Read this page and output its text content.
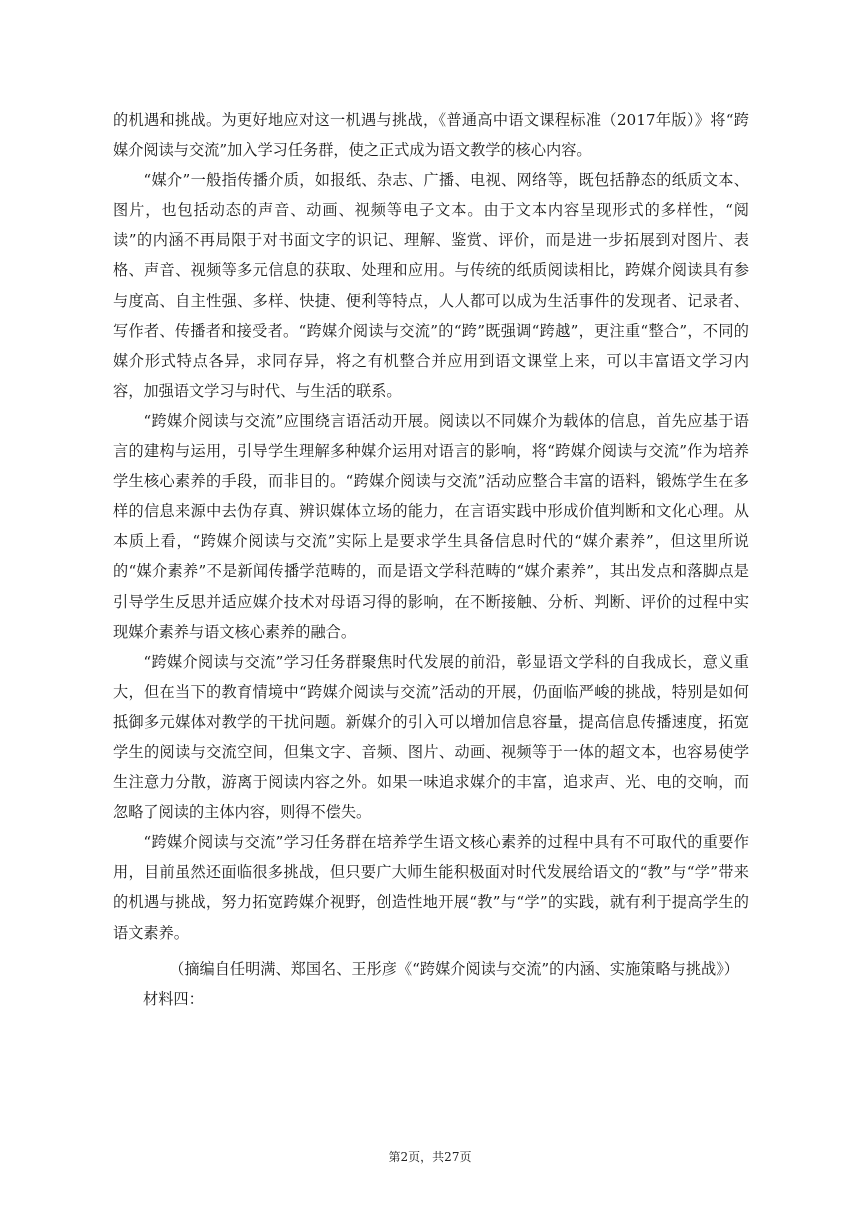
的机遇和挑战。为更好地应对这一机遇与挑战，《普通高中语文课程标准（2017年版）》将“跨媒介阅读与交流”加入学习任务群，使之正式成为语文教学的核心内容。

“媒介”一般指传播介质，如报纸、杂志、广播、电视、网络等，既包括静态的纸质文本、图片，也包括动态的声音、动画、视频等电子文本。由于文本内容呈现形式的多样性，“阅读”的内涵不再局限于对书面文字的识记、理解、鉴赏、评价，而是进一步拓展到对图片、表格、声音、视频等多元信息的获取、处理和应用。与传统的纸质阅读相比，跨媒介阅读具有参与度高、自主性强、多样、快捷、便利等特点，人人都可以成为生活事件的发现者、记录者、写作者、传播者和接受者。“跨媒介阅读与交流”的“跨”既强调“跨越”，更注重“整合”，不同的媒介形式特点各异，求同存异，将之有机整合并应用到语文课堂上来，可以丰富语文学习内容，加强语文学习与时代、与生活的联系。

“跨媒介阅读与交流”应围绕言语活动开展。阅读以不同媒介为载体的信息，首先应基于语言的建构与运用，引导学生理解多种媒介运用对语言的影响，将“跨媒介阅读与交流”作为培养学生核心素养的手段，而非目的。“跨媒介阅读与交流”活动应整合丰富的语料，锻炼学生在多样的信息来源中去伪存真、辨识媒体立场的能力，在言语实践中形成价值判断和文化心理。从本质上看，“跨媒介阅读与交流”实际上是要求学生具备信息时代的“媒介素养”，但这里所说的“媒介素养”不是新闻传播学范畴的，而是语文学科范畴的“媒介素养”，其出发点和落脚点是引导学生反思并适应媒介技术对母语习得的影响，在不断接触、分析、判断、评价的过程中实现媒介素养与语文核心素养的融合。

“跨媒介阅读与交流”学习任务群聚焦时代发展的前沿，彰显语文学科的自我成长，意义重大，但在当下的教育情境中“跨媒介阅读与交流”活动的开展，仍面临严峻的挑战，特别是如何抵御多元媒体对教学的干扰问题。新媒介的引入可以增加信息容量，提高信息传播速度，拓宽学生的阅读与交流空间，但集文字、音频、图片、动画、视频等于一体的超文本，也容易使学生注意力分散，游离于阅读内容之外。如果一味追求媒介的丰富，追求声、光、电的交响，而忽略了阅读的主体内容，则得不偿失。

“跨媒介阅读与交流”学习任务群在培养学生语文核心素养的过程中具有不可取代的重要作用，目前虽然还面临很多挑战，但只要广大师生能积极面对时代发展给语文的“教”与“学”带来的机遇与挑战，努力拓宽跨媒介视野，创造性地开展“教”与“学”的实践，就有利于提高学生的语文素养。

（摘编自任明满、郑国名、王彤彦《“跨媒介阅读与交流”的内涵、实施策略与挑战》）

材料四：

第2页，共27页
